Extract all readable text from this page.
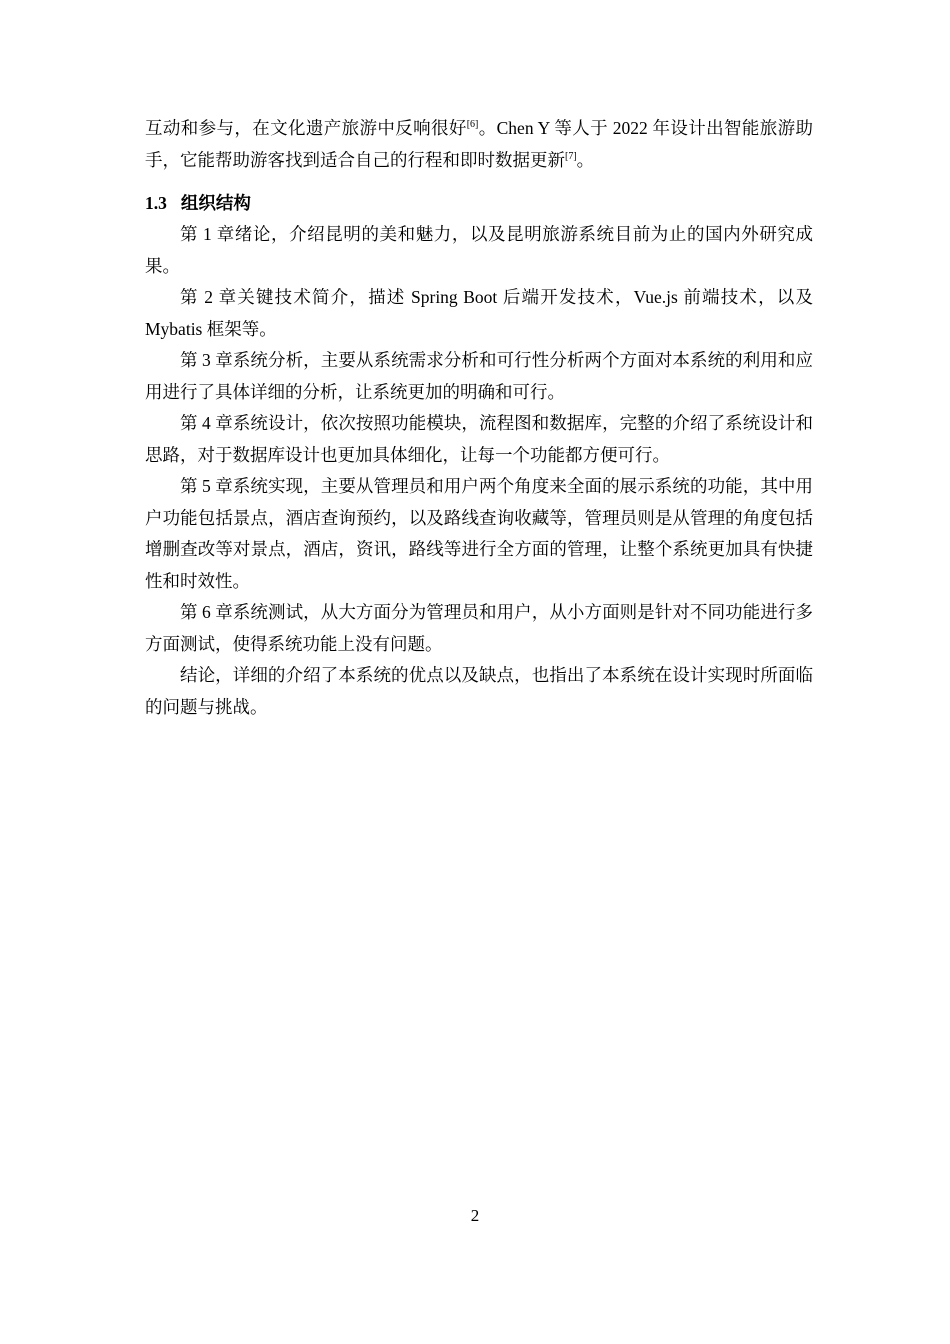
互动和参与，在文化遗产旅游中反响很好[6]。Chen Y 等人于 2022 年设计出智能旅游助手，它能帮助游客找到适合自己的行程和即时数据更新[7]。

1.3 组织结构

第 1 章绪论，介绍昆明的美和魅力，以及昆明旅游系统目前为止的国内外研究成果。

第 2 章关键技术简介，描述 Spring Boot 后端开发技术，Vue.js 前端技术，以及 Mybatis 框架等。

第 3 章系统分析，主要从系统需求分析和可行性分析两个方面对本系统的利用和应用进行了具体详细的分析，让系统更加的明确和可行。

第 4 章系统设计，依次按照功能模块，流程图和数据库，完整的介绍了系统设计和思路，对于数据库设计也更加具体细化，让每一个功能都方便可行。

第 5 章系统实现，主要从管理员和用户两个角度来全面的展示系统的功能，其中用户功能包括景点，酒店查询预约，以及路线查询收藏等，管理员则是从管理的角度包括增删查改等对景点，酒店，资讯，路线等进行全方面的管理，让整个系统更加具有快捷性和时效性。

第 6 章系统测试，从大方面分为管理员和用户，从小方面则是针对不同功能进行多方面测试，使得系统功能上没有问题。

结论，详细的介绍了本系统的优点以及缺点，也指出了本系统在设计实现时所面临的问题与挑战。

2
